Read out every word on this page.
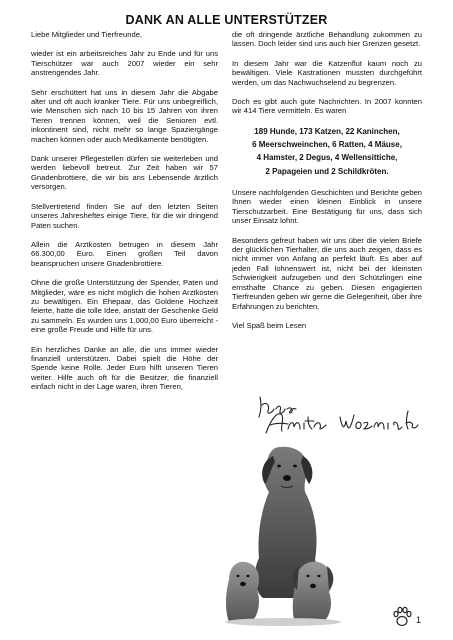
DANK AN ALLE UNTERSTÜTZER

Liebe Mitglieder und Tierfreunde,

wieder ist ein arbeitsreiches Jahr zu Ende und für uns Tierschützer war auch 2007 wieder ein sehr anstrengendes Jahr.

Sehr erschüttert hat uns in diesem Jahr die Abgabe alter und oft auch kranker Tiere. Für uns unbegreiflich, wie Menschen sich nach 10 bis 15 Jahren von ihren Tieren trennen können, weil die Senioren evtl. inkontinent sind, nicht mehr so lange Spaziergänge machen können oder auch Medikamente benötigten.

Dank unserer Pflegestellen dürfen sie weiterleben und werden liebevoll betreut. Zur Zeit haben wir 57 Gnadenbrottiere, die wir bis ans Lebensende ärztlich versorgen.

Stellvertretend finden Sie auf den letzten Seiten unseres Jahresheftes einige Tiere, für die wir dringend Paten suchen.

Allein die Arztkosten betrugen in diesem Jahr 66.300,00 Euro. Einen großen Teil davon beanspruchen unsere Gnadenbrottiere.

Ohne die große Unterstützung der Spender, Paten und Mitglieder, wäre es nicht möglich die hohen Arztkosten zu bewältigen. Ein Ehepaar, das Goldene Hochzeit feierte, hatte die tolle Idee, anstatt der Geschenke Geld zu sammeln. Es wurden uns 1.000,00 Euro überreicht - eine große Freude und Hilfe für uns.

Ein herzliches Danke an alle, die uns immer wieder finanziell unterstützen. Dabei spielt die Höhe der Spende keine Rolle. Jeder Euro hilft unseren Tieren weiter. Hilfe auch oft für die Besitzer, die finanziell einfach nicht in der Lage waren, ihren Tieren,

die oft dringende ärztliche Behandlung zukommen zu lassen. Doch leider sind uns auch hier Grenzen gesetzt.

In diesem Jahr war die Katzenflut kaum noch zu bewältigen. Viele Kastrationen mussten durchgeführt werden, um das Nachwuchselend zu begrenzen.

Doch es gibt auch gute Nachrichten. In 2007 konnten wir 414 Tiere vermitteln. Es waren

189 Hunde, 173 Katzen, 22 Kaninchen,
6 Meerschweinchen, 6 Ratten, 4 Mäuse,
4 Hamster, 2 Degus, 4 Wellensittiche,
2 Papageien und 2 Schildkröten.

Unsere nachfolgenden Geschichten und Berichte geben Ihnen wieder einen kleinen Einblick in unsere Tierschutzarbeit. Eine Bestätigung für uns, dass sich unser Einsatz lohnt.

Besonders gefreut haben wir uns über die vielen Briefe der glücklichen Tierhalter, die uns auch zeigen, dass es nicht immer von Anfang an perfekt läuft. Es aber auf jeden Fall lohnenswert ist, nicht bei der kleinsten Schwierigkeit aufzugeben und den Schützlingen eine ernsthafte Chance zu geben. Diesen engagierten Tierfreunden geben wir gerne die Gelegenheit, über ihre Erfahrungen zu berichten.

Viel Spaß beim Lesen

1
